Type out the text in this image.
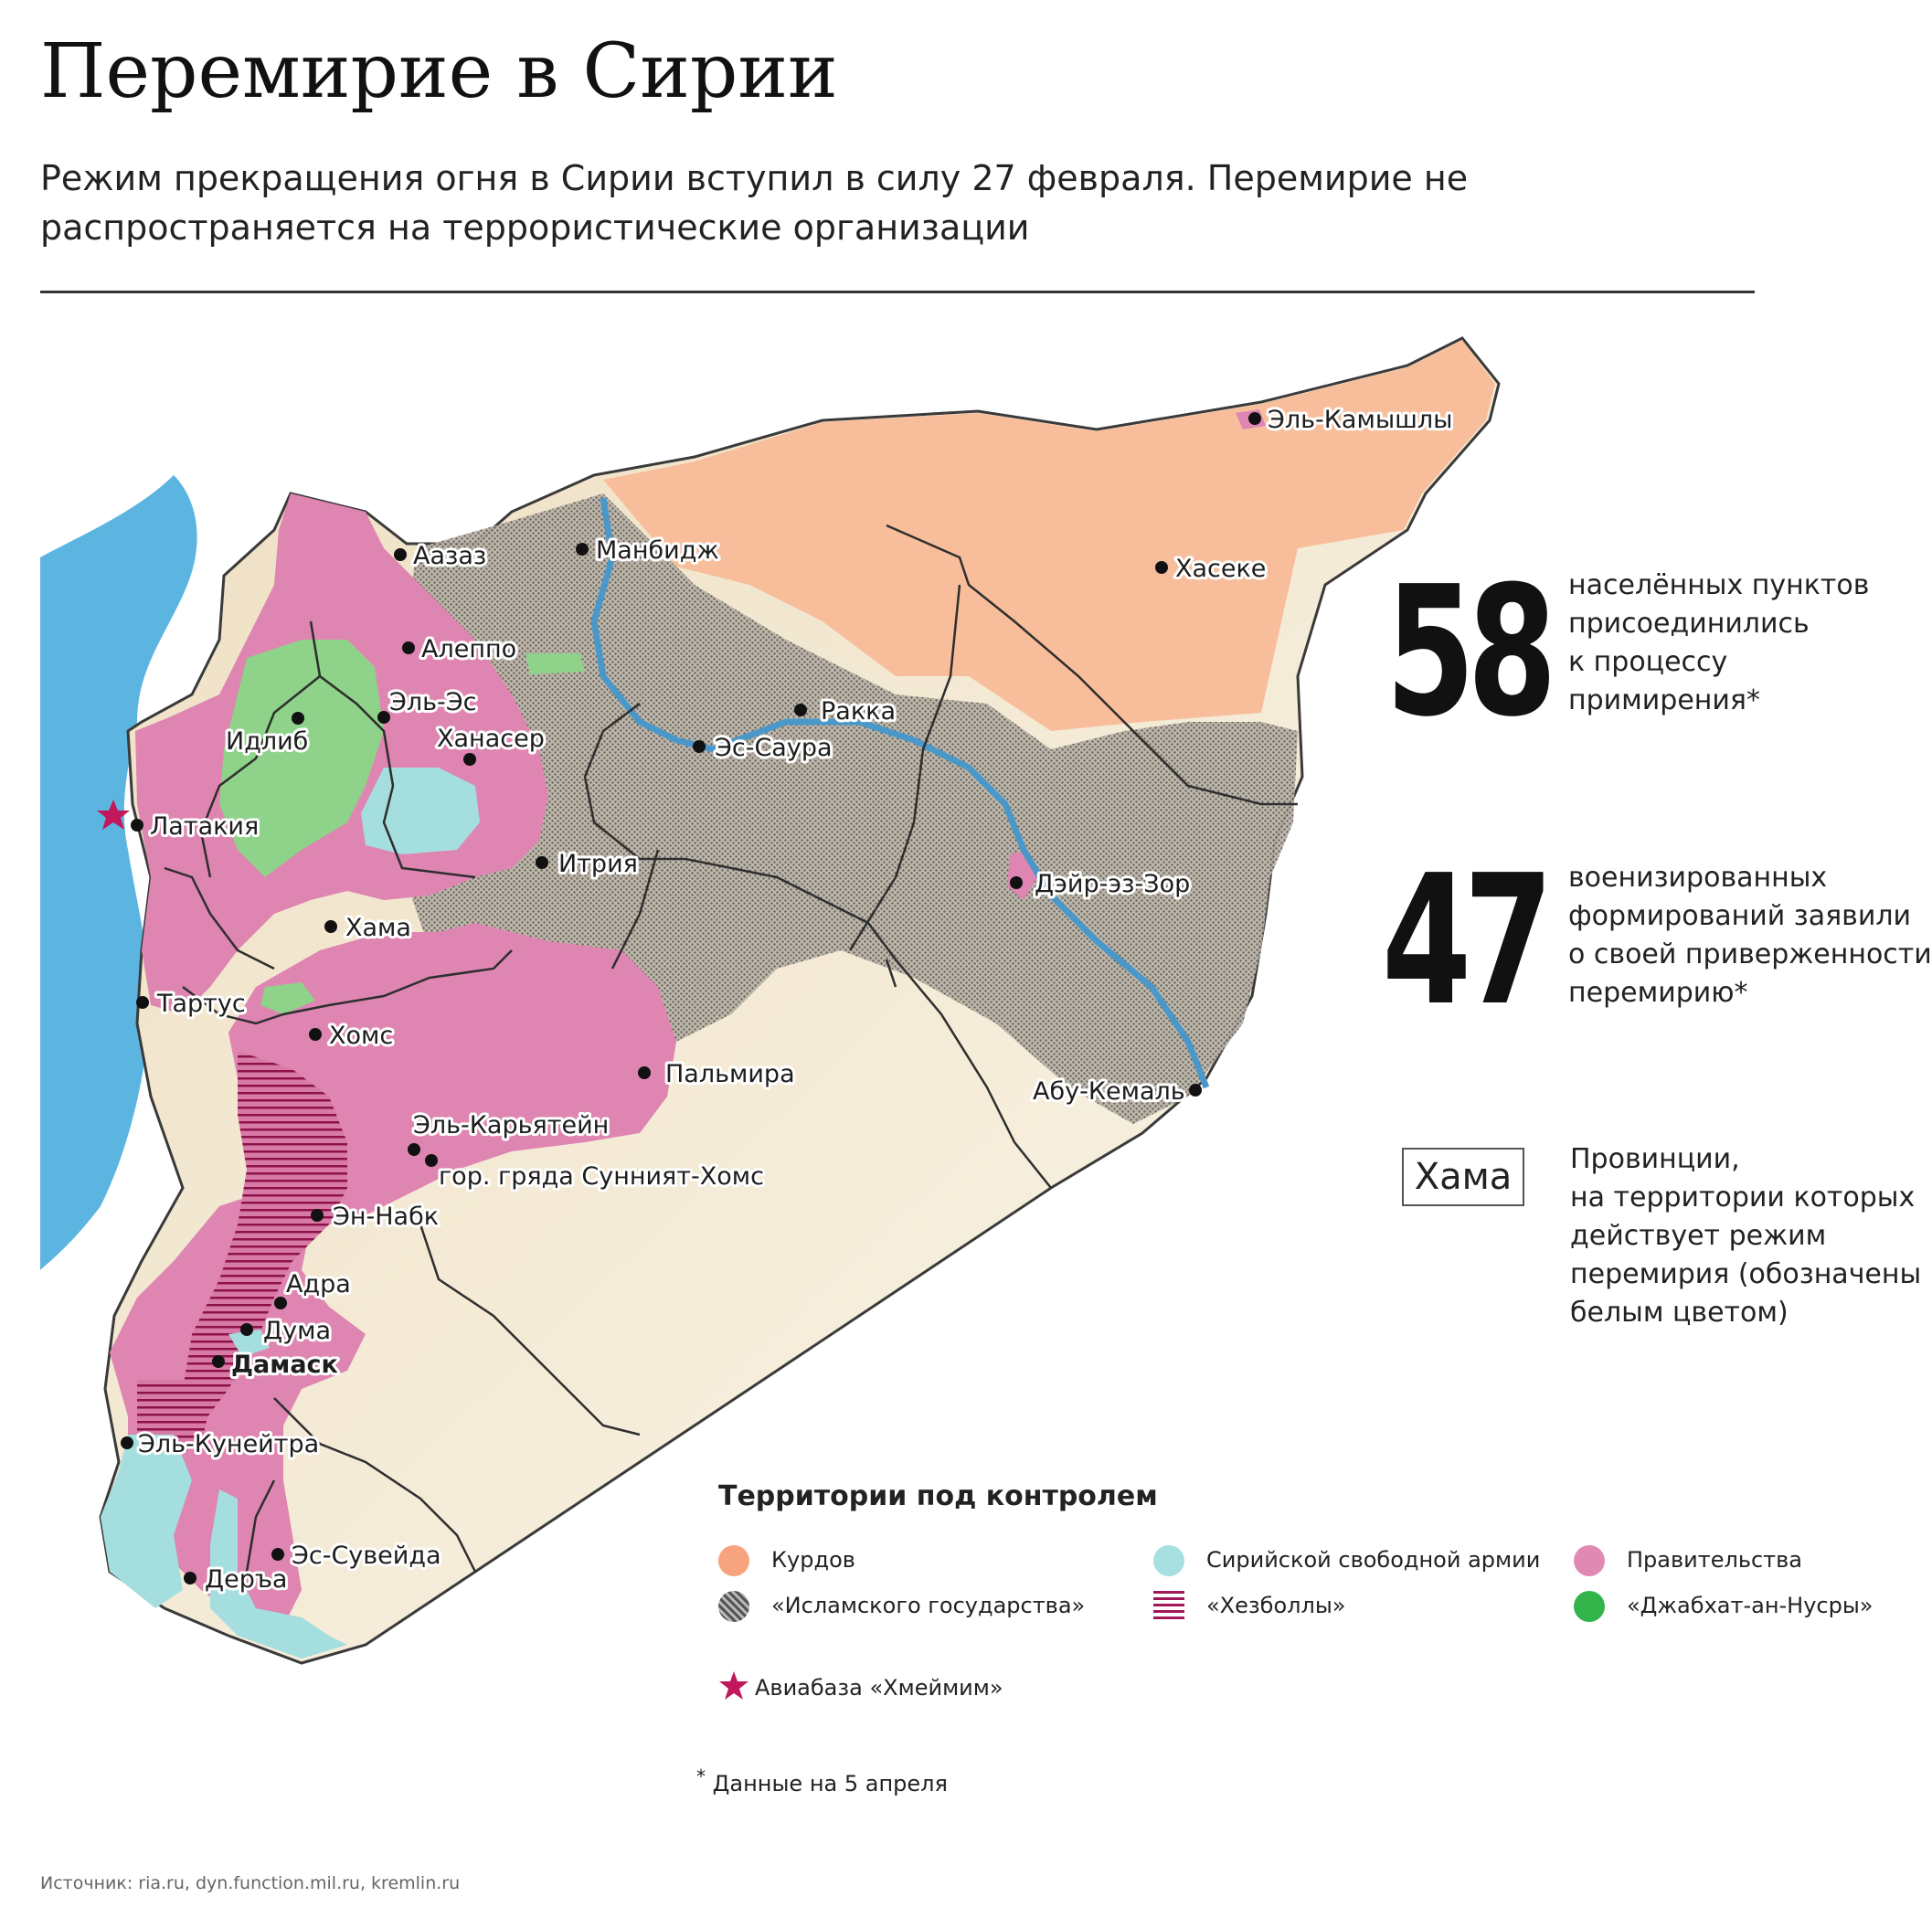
Перемирие в Сирии
Режим прекращения огня в Сирии вступил в силу 27 февраля. Перемирие не распространяется на террористические организации
Эль-Камышлы
Аазаз	Манбидж
Хасеке
Алеппо
Эль-Эс
Идлиб	Ханасер
Ракка
Эс-Саура
Латакия
Итрия
Дэйр-эз-Зор
Хама
Тартус
Хомс
Пальмира
Абу-Кемаль
Эль-Карьятейн
гор. гряда Сунният-Хомс
Эн-Набк
Адра
Дума
Дамаск
Эль-Кунейтра
Эс-Сувейда
Деръа
58 населённых пунктов
присоединились
к процессу
примирения*
47 военизированных
формирований заявили
о своей приверженности
перемирию*
Хама	Провинции,
на территории которых
действует режим
перемирия (обозначены
белым цветом)
Территории под контролем
Курдов	Сирийской свободной армии	Правительства
«Исламского государства»	«Хезболлы»	«Джабхат-ан-Нусры»
Авиабаза «Хмеймим»
* Данные на 5 апреля
Источник: ria.ru, dyn.function.mil.ru, kremlin.ru
